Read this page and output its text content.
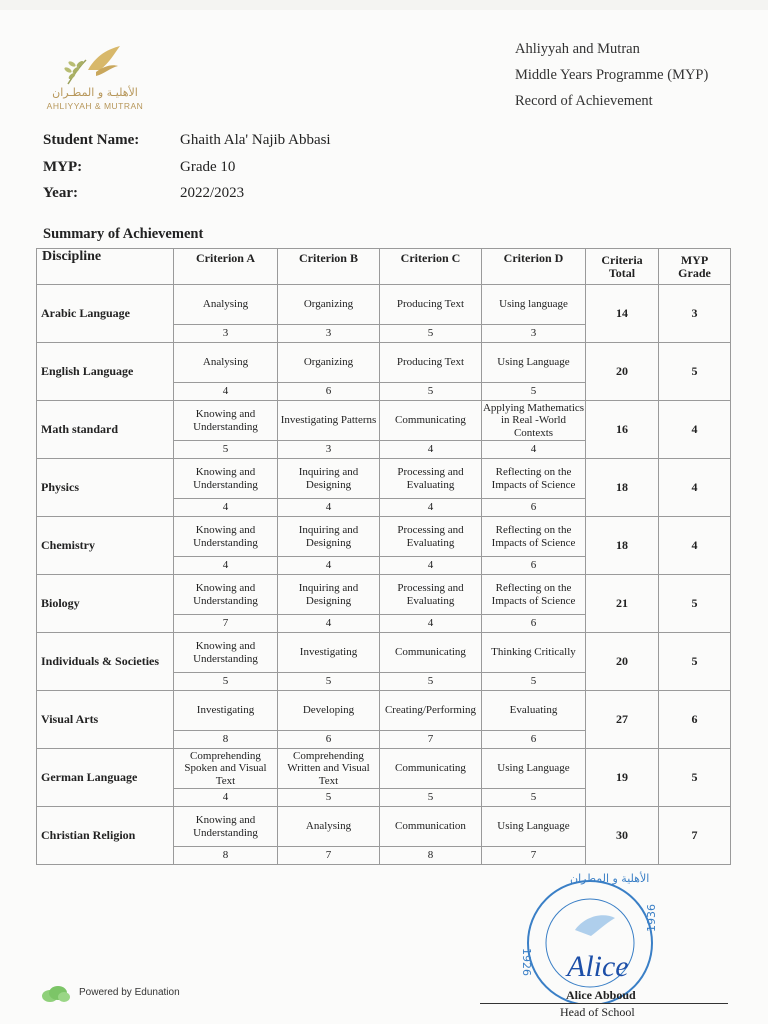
الأهليـة و المطـران
AHLIYYAH & MUTRAN
Ahliyyah and Mutran
Middle Years Programme (MYP)
Record of Achievement
Student Name:	Ghaith Ala' Najib Abbasi
MYP:	Grade 10
Year:	2022/2023
Summary of Achievement
Discipline	Criterion A	Criterion B	Criterion C	Criterion D	Criteria Total	MYP Grade
Arabic Language	Analysing	Organizing	Producing Text	Using language	14	3
	3	3	5	3		
English Language	Analysing	Organizing	Producing Text	Using Language	20	5
	4	6	5	5		
Math standard	Knowing and Understanding	Investigating Patterns	Communicating	Applying Mathematics in Real -World Contexts	16	4
	5	3	4	4		
Physics	Knowing and Understanding	Inquiring and Designing	Processing and Evaluating	Reflecting on the Impacts of Science	18	4
	4	4	4	6		
Chemistry	Knowing and Understanding	Inquiring and Designing	Processing and Evaluating	Reflecting on the Impacts of Science	18	4
	4	4	4	6		
Biology	Knowing and Understanding	Inquiring and Designing	Processing and Evaluating	Reflecting on the Impacts of Science	21	5
	7	4	4	6		
Individuals & Societies	Knowing and Understanding	Investigating	Communicating	Thinking Critically	20	5
	5	5	5	5		
Visual Arts	Investigating	Developing	Creating/Performing	Evaluating	27	6
	8	6	7	6		
German Language	Comprehending Spoken and Visual Text	Comprehending Written and Visual Text	Communicating	Using Language	19	5
	4	5	5	5		
Christian Religion	Knowing and Understanding	Analysing	Communication	Using Language	30	7
	8	7	8	7		
Powered by Edunation
الأهلية و المطران
1926
1936
Alice
Alice Abboud
Head of School
